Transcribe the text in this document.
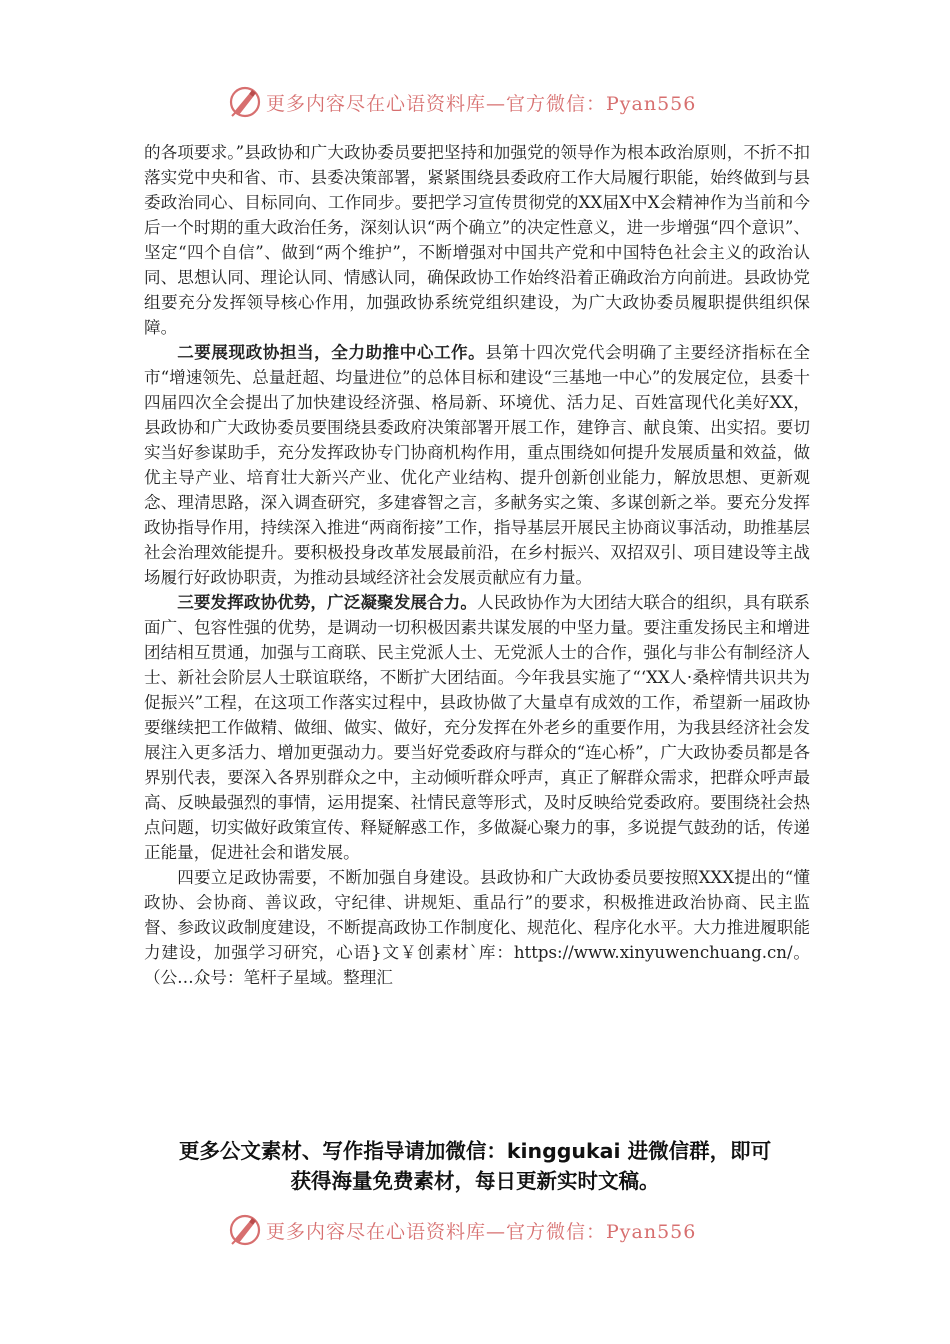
更多内容尽在心语资料库—官方微信：Pyan556

的各项要求。”县政协和广大政协委员要把坚持和加强党的领导作为根本政治原则，不折不扣落实党中央和省、市、县委决策部署，紧紧围绕县委政府工作大局履行职能，始终做到与县委政治同心、目标同向、工作同步。要把学习宣传贯彻党的XX届X中X会精神作为当前和今后一个时期的重大政治任务，深刻认识“两个确立”的决定性意义，进一步增强“四个意识”、坚定“四个自信”、做到“两个维护”，不断增强对中国共产党和中国特色社会主义的政治认同、思想认同、理论认同、情感认同，确保政协工作始终沿着正确政治方向前进。县政协党组要充分发挥领导核心作用，加强政协系统党组织建设，为广大政协委员履职提供组织保障。

二要展现政协担当，全力助推中心工作。县第十四次党代会明确了主要经济指标在全市“增速领先、总量赶超、均量进位”的总体目标和建设“三基地一中心”的发展定位，县委十四届四次全会提出了加快建设经济强、格局新、环境优、活力足、百姓富现代化美好XX，县政协和广大政协委员要围绕县委政府决策部署开展工作，建铮言、献良策、出实招。要切实当好参谋助手，充分发挥政协专门协商机构作用，重点围绕如何提升发展质量和效益，做优主导产业、培育壮大新兴产业、优化产业结构、提升创新创业能力，解放思想、更新观念、理清思路，深入调查研究，多建睿智之言，多献务实之策、多谋创新之举。要充分发挥政协指导作用，持续深入推进“两商衔接”工作，指导基层开展民主协商议事活动，助推基层社会治理效能提升。要积极投身改革发展最前沿，在乡村振兴、双招双引、项目建设等主战场履行好政协职责，为推动县域经济社会发展贡献应有力量。

三要发挥政协优势，广泛凝聚发展合力。人民政协作为大团结大联合的组织，具有联系面广、包容性强的优势，是调动一切积极因素共谋发展的中坚力量。要注重发扬民主和增进团结相互贯通，加强与工商联、民主党派人士、无党派人士的合作，强化与非公有制经济人士、新社会阶层人士联谊联络，不断扩大团结面。今年我县实施了“‘XX人·桑梓情共识共为促振兴”工程，在这项工作落实过程中，县政协做了大量卓有成效的工作，希望新一届政协要继续把工作做精、做细、做实、做好，充分发挥在外老乡的重要作用，为我县经济社会发展注入更多活力、增加更强动力。要当好党委政府与群众的“连心桥”，广大政协委员都是各界别代表，要深入各界别群众之中，主动倾听群众呼声，真正了解群众需求，把群众呼声最高、反映最强烈的事情，运用提案、社情民意等形式，及时反映给党委政府。要围绕社会热点问题，切实做好政策宣传、释疑解惑工作，多做凝心聚力的事，多说提气鼓劲的话，传递正能量，促进社会和谐发展。

四要立足政协需要，不断加强自身建设。县政协和广大政协委员要按照XXX提出的“懂政协、会协商、善议政，守纪律、讲规矩、重品行”的要求，积极推进政治协商、民主监督、参政议政制度建设，不断提高政协工作制度化、规范化、程序化水平。大力推进履职能力建设，加强学习研究，心语}文￥创素材`库：https://www.xinyuwenchuang.cn/。（公…众号：笔杆子星域。整理汇

更多公文素材、写作指导请加微信：kinggukai 进微信群，即可
获得海量免费素材，每日更新实时文稿。
更多内容尽在心语资料库—官方微信：Pyan556
